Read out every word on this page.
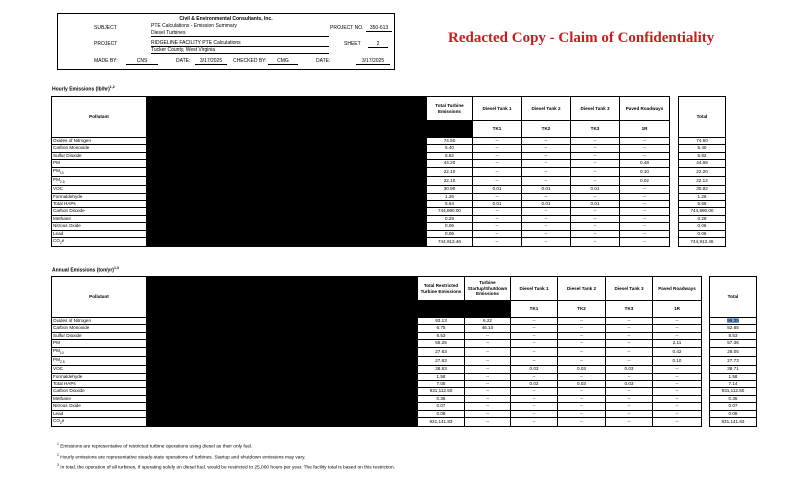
Civil & Environmental Consultants, Inc.
SUBJECT	PTE Calculations - Emission Summary
Diesel Turbines
PROJECT	RIDGELINE FACILITY PTE Calculations
Tucker County, West Virginia
MADE BY:	CNS	DATE:	3/17/2025	CHECKED BY:	CMG	DATE:	3/17/2025
PROJECT NO.	350-613
SHEET	2	Redacted Copy - Claim of Confidentiality
Hourly Emissions $(lb/hr)^{1,2}$
Pollutant		Total Turbine Emissions	Diesel Tank 1	Diesel Tank 2	Diesel Tank 3	Paved Roadways		Total
			TK1	TK2	TK3	1R		
Oxides of Nitrogen		74.50	--	--	--	--		74.50
Carbon Monoxide		5.40	--	--	--	--		5.40
Sulfur Dioxide		6.82	--	--	--	--		6.82
PM		44.20	--	--	--	0.48		44.68
$PM_{10}$		22.10	--	--	--	0.10		22.20
$PM_{2.5}$		22.10	--	--	--	0.02		22.12
VOC		30.90	0.01	0.01	0.01	--		30.92
Formaldehyde		1.26	--	--	--	--		1.26
Total HAPs		5.64	0.01	0.01	0.01	--		5.66
Carbon Dioxide		744,890.00	--	--	--	--		744,890.00
Methane		0.29	--	--	--	--		0.29
Nitrous Oxide		0.06	--	--	--	--		0.06
Lead		0.06	--	--	--	--		0.06
$CO_2e$		744,913.46	--	--	--	--		744,913.46
Annual Emissions $(ton/yr)^{1,3}$
Pollutant		Total Restricted Turbine Emissions	Turbine Startup/Shutdown Emissions	Diesel Tank 1	Diesel Tank 2	Diesel Tank 3	Paved Roadways		Total
				TK1	TK2	TK3	1R		
Oxides of Nitrogen		93.13	6.22	--	--	--	--		99.35
Carbon Monoxide		6.75	46.10	--	--	--	--		52.85
Sulfur Dioxide		8.53	--	--	--	--	--		8.53
PM		55.25	--	--	--	--	2.11		57.36
$PM_{10}$		27.63	--	--	--	--	0.42		28.05
$PM_{2.5}$		27.63	--	--	--	--	0.10		27.73
VOC		38.63	--	0.03	0.03	0.03	--		38.71
Formaldehyde		1.58	--	--	--	--	--		1.58
Total HAPs		7.05	--	0.03	0.03	0.03	--		7.14
Carbon Dioxide		931,112.50	--	--	--	--	--		931,112.50
Methane		0.36	--	--	--	--	--		0.36
Nitrous Oxide		0.07	--	--	--	--	--		0.07
Lead		0.08	--	--	--	--	--		0.08
$CO_2e$		931,141.83	--	--	--	--	--		931,141.83
$^1$ Emissions are representative of restricted turbine operations using diesel as their only fuel.
$^2$ Hourly emissions are representative steady-state operations of turbines. Startup and shutdown emissions may vary.
$^3$ In total, the operation of all turbines, if operating solely on diesel fuel, would be restricted to 25,000 hours per year. The facility total is based on this restriction.
